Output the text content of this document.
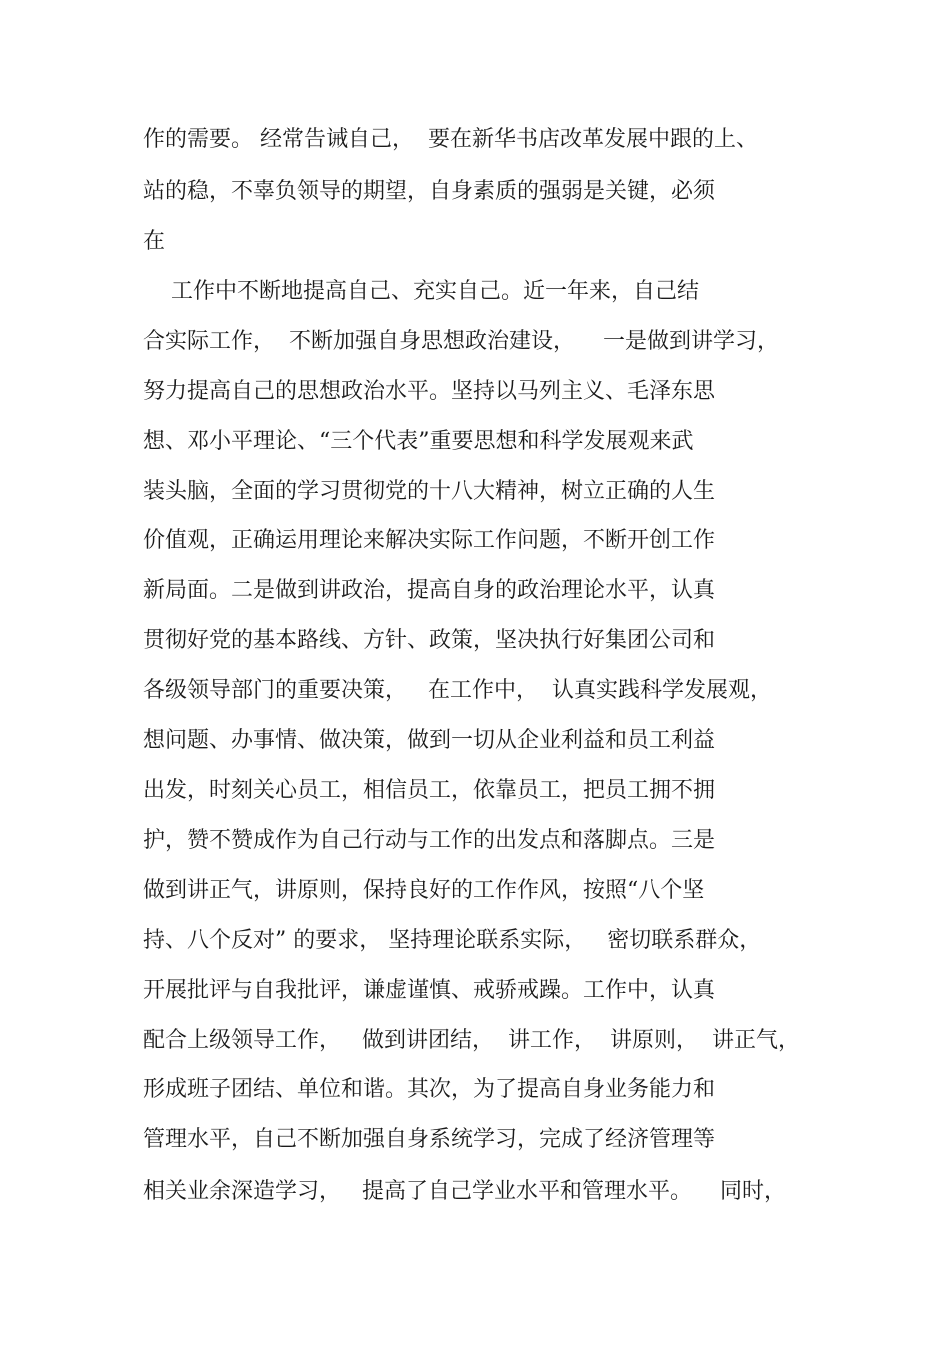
作的需要。 经常告诫自己，  要在新华书店改革发展中跟的上、

站的稳，不辜负领导的期望，自身素质的强弱是关键，必须

在

工作中不断地提高自己、充实自己。近一年来，自己结

合实际工作，  不断加强自身思想政治建设，    一是做到讲学习，

努力提高自己的思想政治水平。坚持以马列主义、毛泽东思

想、邓小平理论、“三个代表”重要思想和科学发展观来武

装头脑，全面的学习贯彻党的十八大精神，树立正确的人生

价值观，正确运用理论来解决实际工作问题，不断开创工作

新局面。二是做到讲政治，提高自身的政治理论水平，认真

贯彻好党的基本路线、方针、政策，坚决执行好集团公司和

各级领导部门的重要决策，   在工作中，  认真实践科学发展观，

想问题、办事情、做决策，做到一切从企业利益和员工利益

出发，时刻关心员工，相信员工，依靠员工，把员工拥不拥

护，赞不赞成作为自己行动与工作的出发点和落脚点。三是

做到讲正气，讲原则，保持良好的工作作风，按照“八个坚

持、八个反对” 的要求， 坚持理论联系实际，   密切联系群众，

开展批评与自我批评，谦虚谨慎、戒骄戒躁。工作中，认真

配合上级领导工作，   做到讲团结，  讲工作，  讲原则，  讲正气，

形成班子团结、单位和谐。其次，为了提高自身业务能力和

管理水平，自己不断加强自身系统学习，完成了经济管理等

相关业余深造学习，   提高了自己学业水平和管理水平。    同时，
